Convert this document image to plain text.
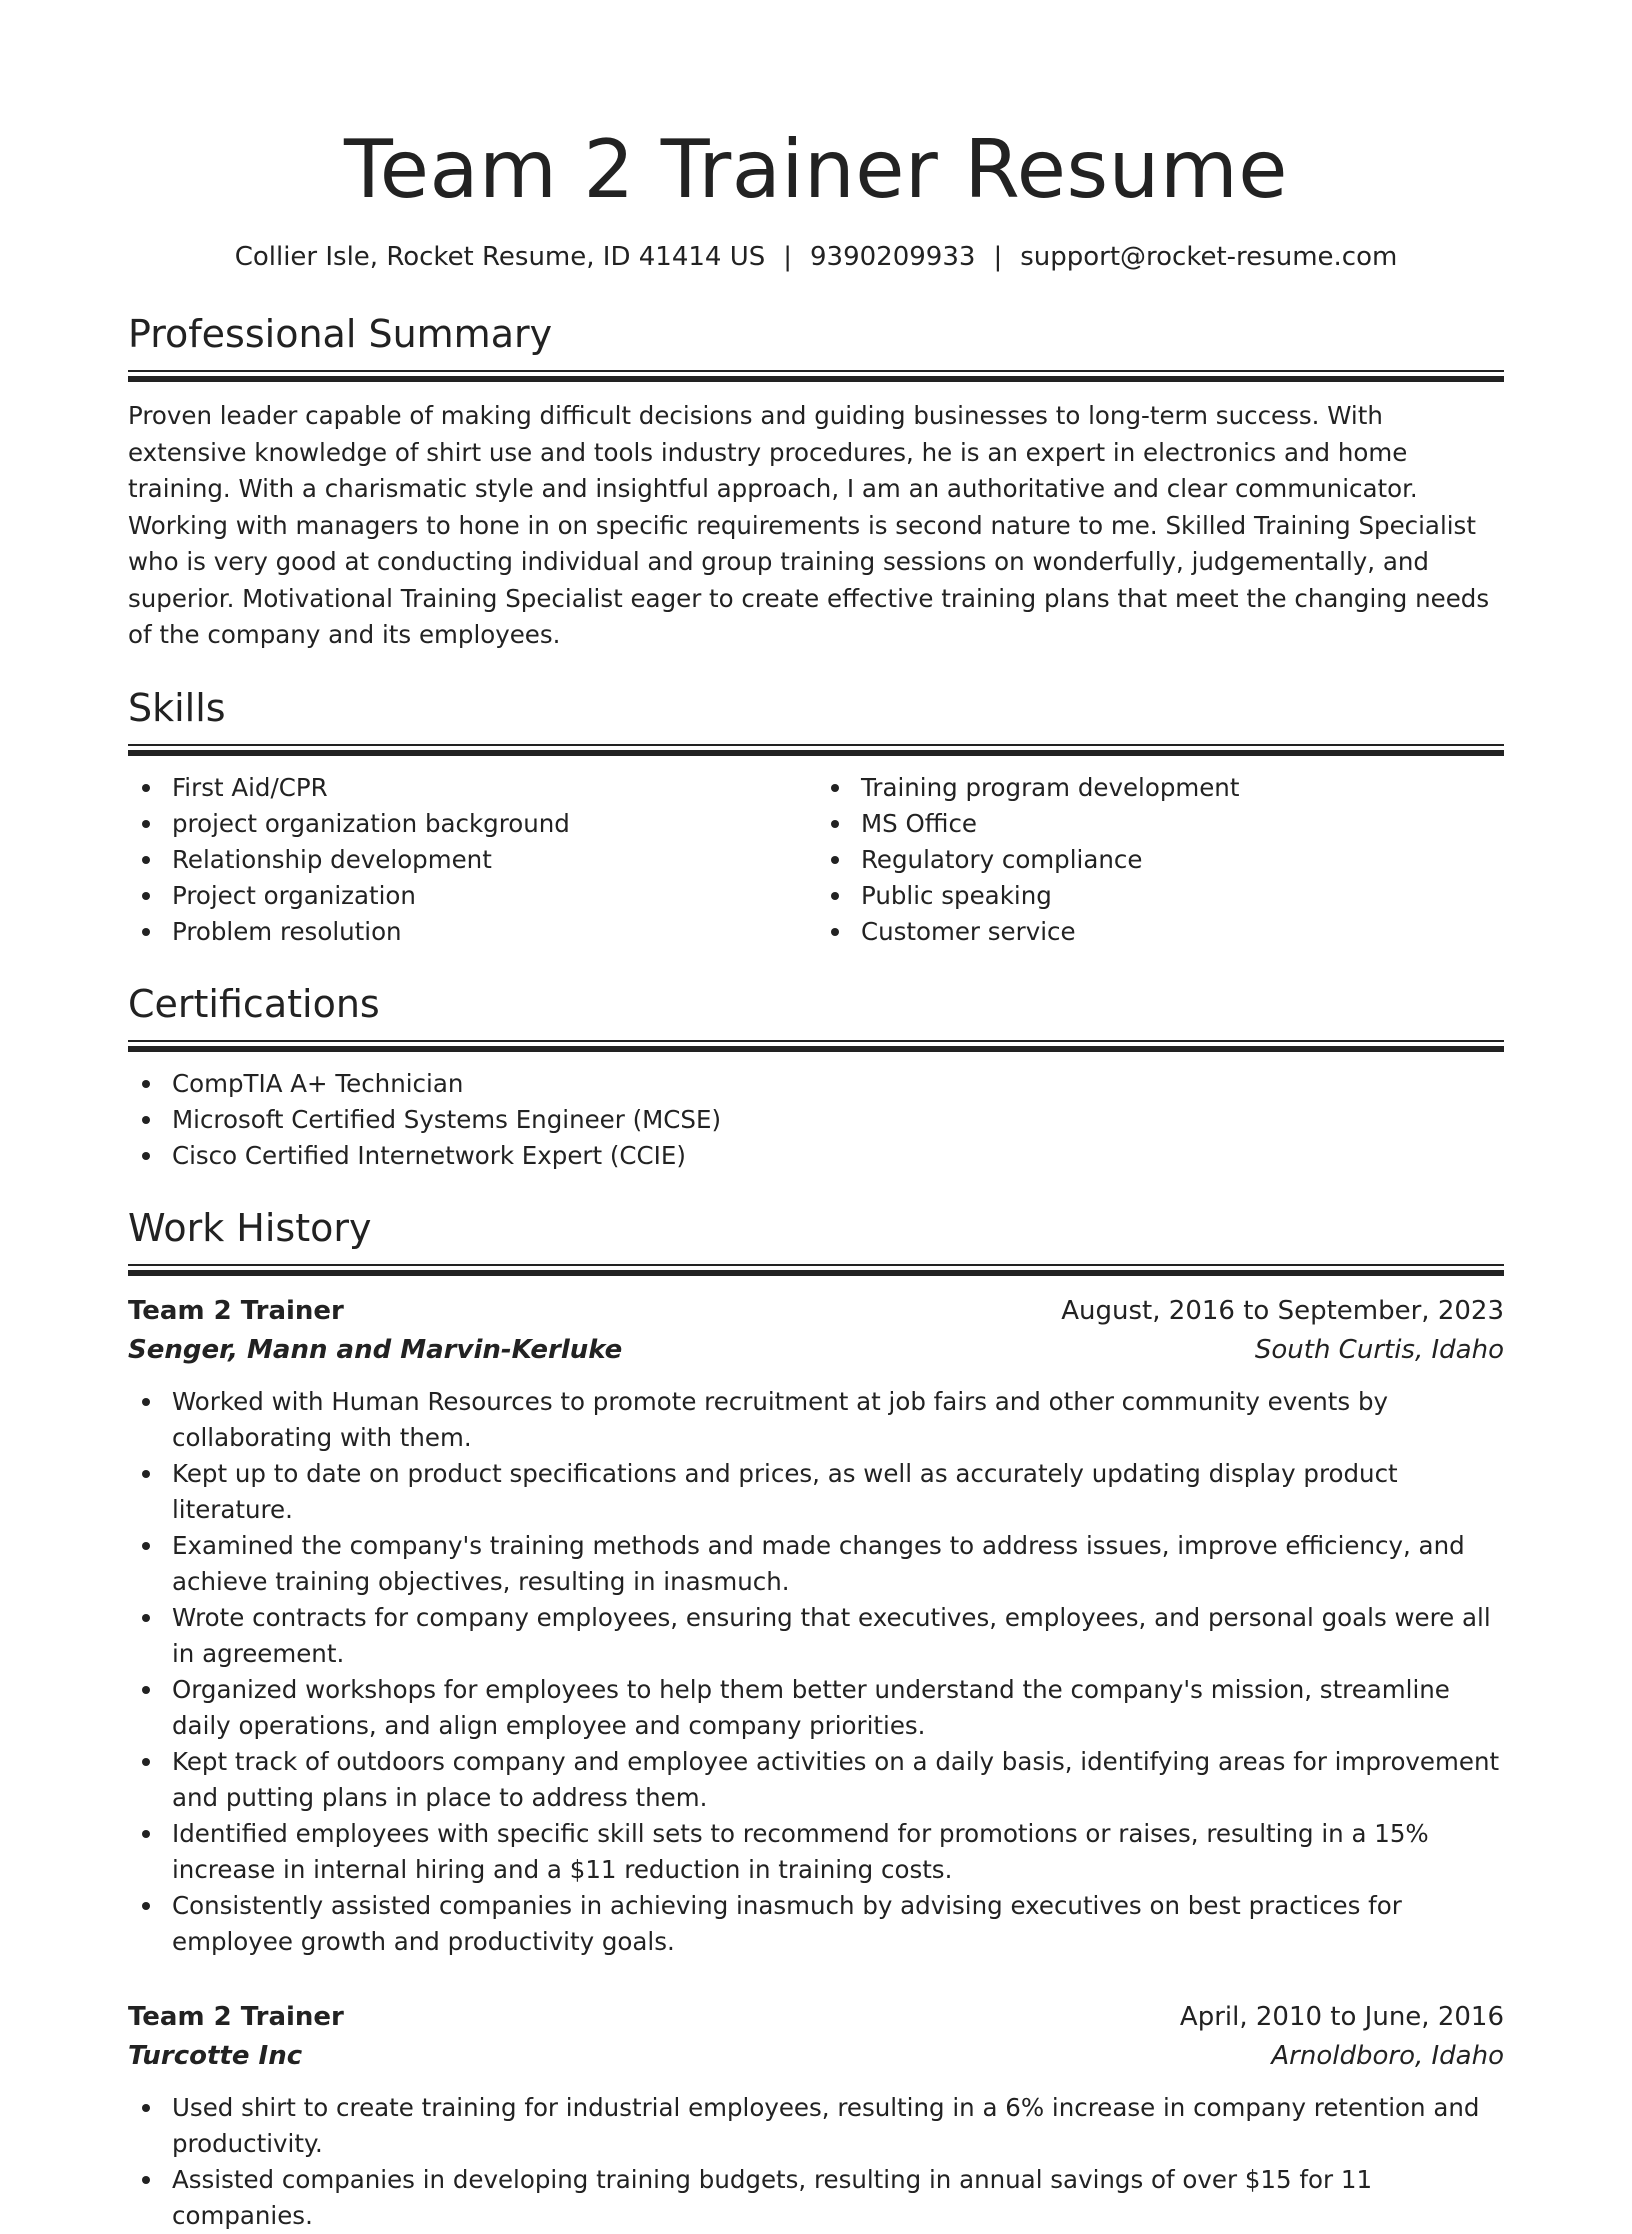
Team 2 Trainer Resume
Collier Isle, Rocket Resume, ID 41414 US | 9390209933 | support@rocket-resume.com
Professional Summary

Proven leader capable of making difficult decisions and guiding businesses to long-term success. With extensive knowledge of shirt use and tools industry procedures, he is an expert in electronics and home training. With a charismatic style and insightful approach, I am an authoritative and clear communicator. Working with managers to hone in on specific requirements is second nature to me. Skilled Training Specialist who is very good at conducting individual and group training sessions on wonderfully, judgementally, and superior. Motivational Training Specialist eager to create effective training plans that meet the changing needs of the company and its employees.

Skills
First Aid/CPR
project organization background
Relationship development
Project organization
Problem resolution
Training program development
MS Office
Regulatory compliance
Public speaking
Customer service
Certifications
CompTIA A+ Technician
Microsoft Certified Systems Engineer (MCSE)
Cisco Certified Internetwork Expert (CCIE)
Work History
Team 2 Trainer	August, 2016 to September, 2023
Senger, Mann and Marvin-Kerluke	South Curtis, Idaho
Worked with Human Resources to promote recruitment at job fairs and other community events by collaborating with them.
Kept up to date on product specifications and prices, as well as accurately updating display product literature.
Examined the company's training methods and made changes to address issues, improve efficiency, and achieve training objectives, resulting in inasmuch.
Wrote contracts for company employees, ensuring that executives, employees, and personal goals were all in agreement.
Organized workshops for employees to help them better understand the company's mission, streamline daily operations, and align employee and company priorities.
Kept track of outdoors company and employee activities on a daily basis, identifying areas for improvement and putting plans in place to address them.
Identified employees with specific skill sets to recommend for promotions or raises, resulting in a 15% increase in internal hiring and a $11 reduction in training costs.
Consistently assisted companies in achieving inasmuch by advising executives on best practices for employee growth and productivity goals.
Team 2 Trainer	April, 2010 to June, 2016
Turcotte Inc	Arnoldboro, Idaho
Used shirt to create training for industrial employees, resulting in a 6% increase in company retention and productivity.
Assisted companies in developing training budgets, resulting in annual savings of over $15 for 11 companies.
